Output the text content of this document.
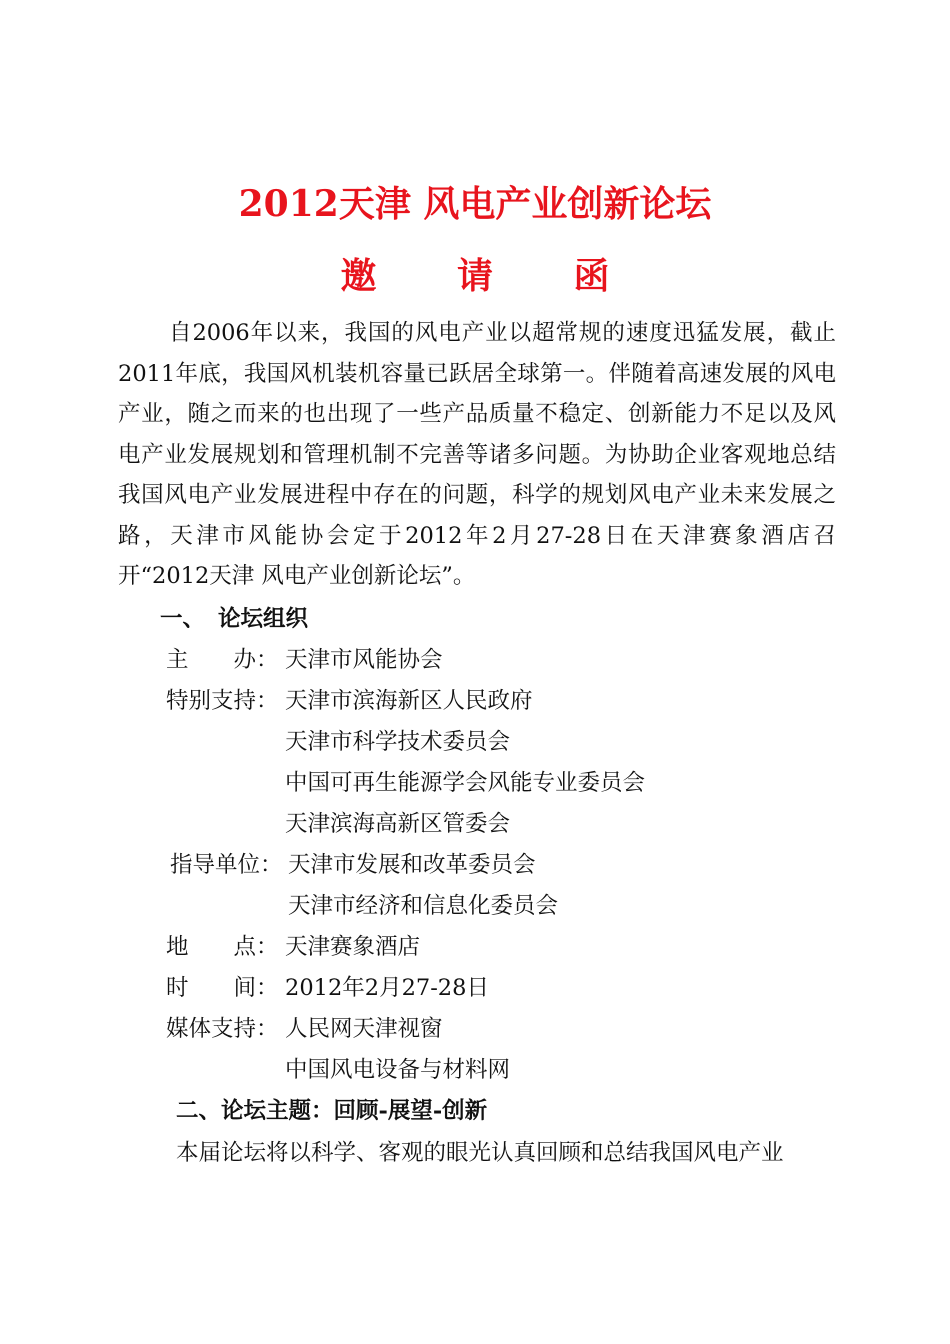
2012天津 风电产业创新论坛
邀 请 函

自2006年以来，我国的风电产业以超常规的速度迅猛发展，截止2011年底，我国风机装机容量已跃居全球第一。伴随着高速发展的风电产业，随之而来的也出现了一些产品质量不稳定、创新能力不足以及风电产业发展规划和管理机制不完善等诸多问题。为协助企业客观地总结我国风电产业发展进程中存在的问题，科学的规划风电产业未来发展之路，天津市风能协会定于2012年2月27-28日在天津赛象酒店召开“2012天津 风电产业创新论坛”。

一、 论坛组织
主　　办： 天津市风能协会
特别支持： 天津市滨海新区人民政府
天津市科学技术委员会
中国可再生能源学会风能专业委员会
天津滨海高新区管委会
指导单位： 天津市发展和改革委员会
天津市经济和信息化委员会
地　　点： 天津赛象酒店
时　　间： 2012年2月27-28日
媒体支持： 人民网天津视窗
中国风电设备与材料网
二、论坛主题：回顾-展望-创新

本届论坛将以科学、客观的眼光认真回顾和总结我国风电产业
